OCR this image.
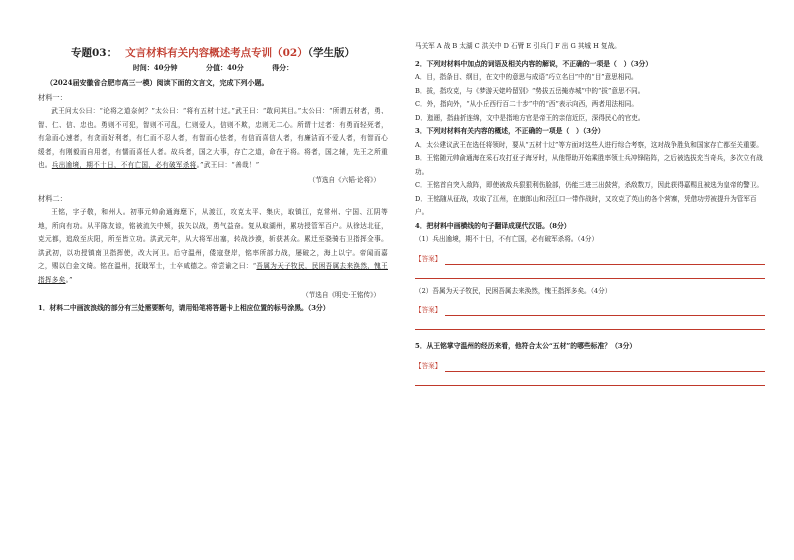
专题03： 文言材料有关内容概述考点专训（02）（学生版）
时间：40分钟	分值：40分	得分：
（2024届安徽省合肥市高三一模）阅读下面的文言文，完成下列小题。
材料一：
武王问太公曰：“论将之道奈何？”太公曰：“将有五材十过。”武王曰：“敢问其目。”太公曰：“所谓五材者，勇、智、仁、信、忠也。勇则不可犯，智则不可乱，仁则爱人，信则不欺，忠则无二心。所谓十过者：有勇而轻死者，有急而心速者，有贪而好利者，有仁而不忍人者，有智而心怯者，有信而喜信人者，有廉洁而不爱人者，有智而心缓者，有刚毅而自用者，有懦而喜任人者。故兵者，国之大事，存亡之道，命在于将。将者，国之辅，先王之所重也。兵出逾境，期不十日，不有亡国，必有破军杀将。”武王曰：“善哉！”
（节选自《六韬·论将》）
材料二：
王铭，字子敬，和州人。初事元帅俞通海麾下，从渡江，攻克太平、集庆，取镇江，克常州、宁国、江阴等地，所向有功。从平陈友谅，铭被流矢中颊，拔矢以战，勇气益奋。复从取湖州，累功授管军百户。从徐达北征，克元都，追敌至庆阳，所至皆立功。洪武元年，从大将军出塞，转战沙漠，斩获甚众。累迁至骁骑右卫指挥佥事。洪武初，以功授镇南卫指挥使，改大河卫。后守温州，倭寇登岸，铭率所部力战，屡破之，海上以宁。帝闻而嘉之，赐以白金文绮。铭在温州，抚戢军士，士卒咸德之。帝尝谕之曰：“吾属为天子牧民，民困吾属去来涣然，愧王指挥多矣。”
（节选自《明史·王铭传》）
1．材料二中画波浪线的部分有三处需要断句，请用铅笔将答题卡上相应位置的标号涂黑。（3分）
马关军 A 战 B 太湖 C 洪关中 D 石臂 E 引兵门 F 出 G 其城 H 复战。
2．下列对材料中加点的词语及相关内容的解说，不正确的一项是（　）（3分）
A．目，指条目、纲目，在文中的意思与成语“巧立名目”中的“目”意思相同。
B．拔，指攻克，与《梦游天姥吟留别》“势拔五岳掩赤城”中的“拔”意思不同。
C．外，指向外，“从小丘西行百二十步”中的“西”表示向西，两者用法相同。
D．迤逦，指曲折连绵，文中是指地方官是帝王的亲信近臣，深得民心的官吏。
3．下列对材料有关内容的概述，不正确的一项是（　）（3分）
A．太公建议武王在选任将领时，要从“五材十过”等方面对这些人进行综合考察，这对战争胜负和国家存亡都至关重要。
B．王铭随元帅俞通海在采石攻打亚子海牙时，从他帮助开始乘胜率领士兵冲锋陷阵，之后被选拔充当奇兵，多次立有战功。
C．王铭首自突入敌阵，即使被敌兵狠狠利伤脸部，仍能三进三出鼓营，杀敌数万，因此获得嘉赐且被选为皇帝的警卫。
D．王铭随从征战，攻取了江州，在康郎山和泾江口一带作战时，又攻克了英山的各个营寨，凭借功劳被提升为管军百户。
4．把材料中画横线的句子翻译成现代汉语。（8分）
（1）兵出逾境，期不十日，不有亡国，必有破军杀将。（4分）
【答案】
（2）吾属为天子牧民，民困吾属去来涣然，愧王指挥多矣。（4分）
【答案】
5．从王铭掌守温州的经历来看，他符合太公“五材”的哪些标准？（3分）
【答案】
